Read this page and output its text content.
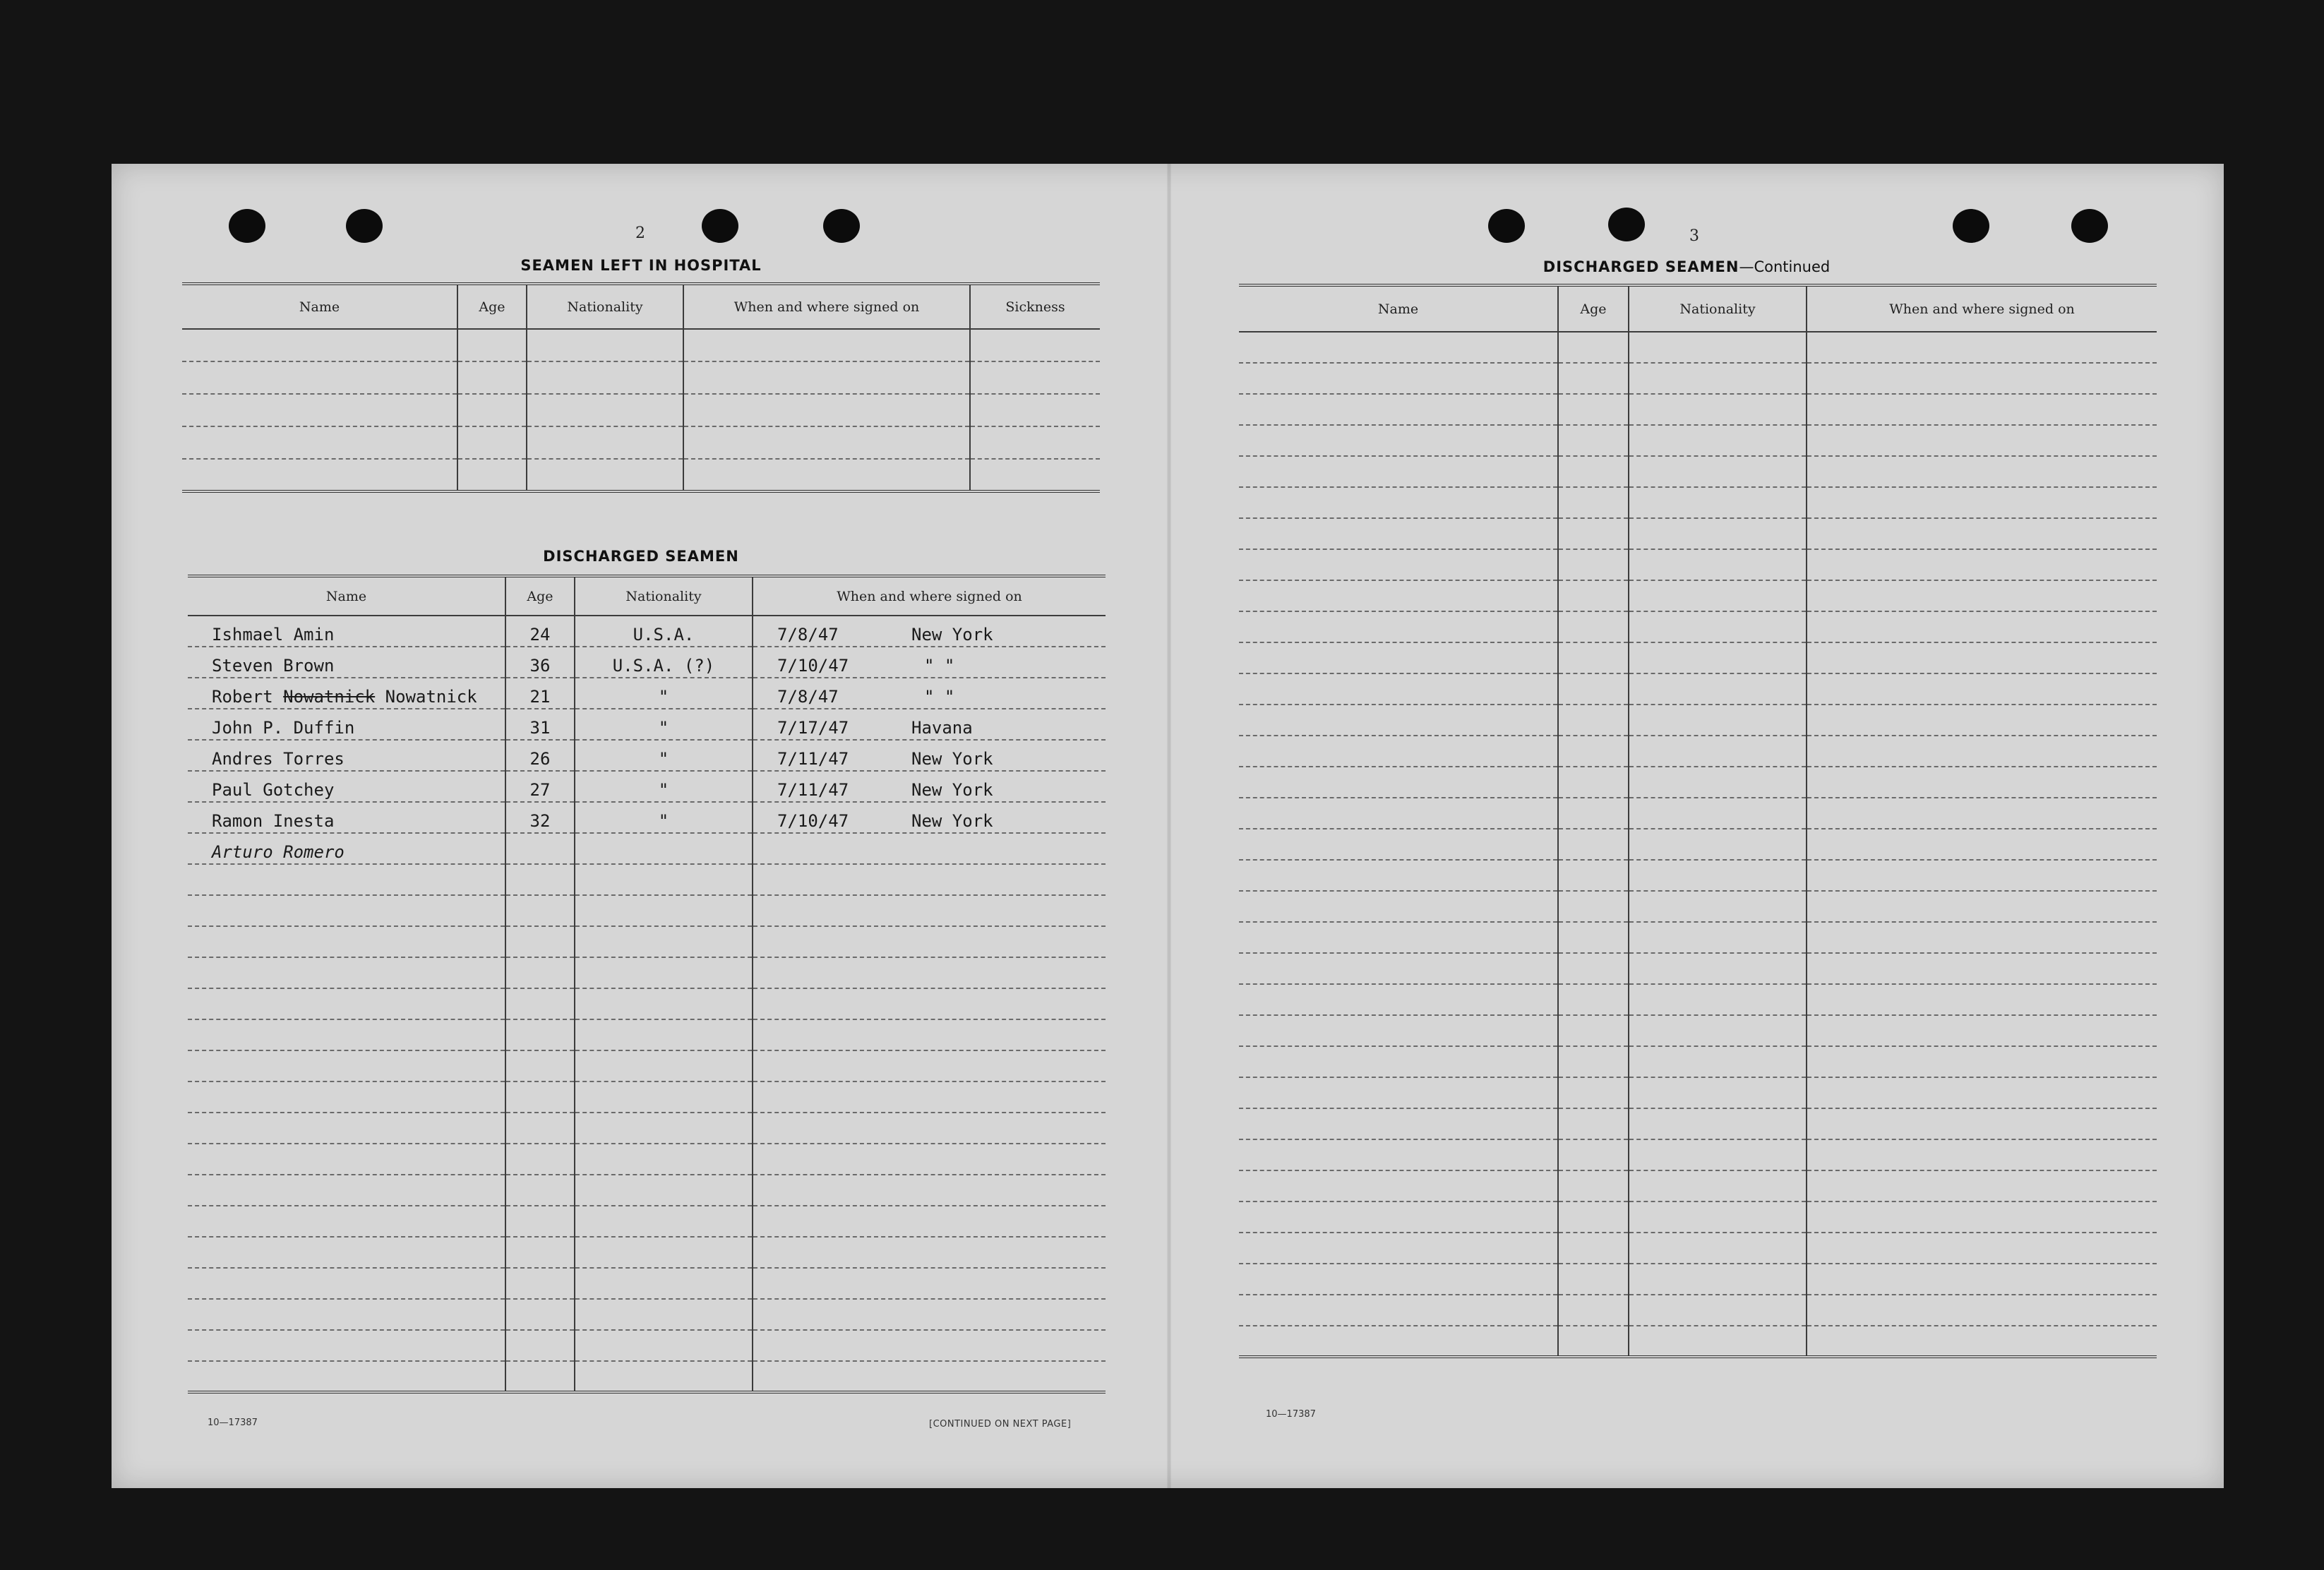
2
SEAMEN LEFT IN HOSPITAL
Name	Age	Nationality	When and where signed on	Sickness

DISCHARGED SEAMEN
Name	Age	Nationality	When and where signed on
Ishmael Amin	24	U.S.A.	7/8/47 New York
Steven Brown	36	U.S.A. (?)	7/10/47 " "
Robert Nowatnick Nowatnick	21	"	7/8/47 " "
John P. Duffin	31	"	7/17/47 Havana
Andres Torres	26	"	7/11/47 New York
Paul Gotchey	27	"	7/11/47 New York
Ramon Inesta	32	"	7/10/47 New York
Arturo Romero			

10—17387	[CONTINUED ON NEXT PAGE]
3
DISCHARGED SEAMEN—Continued
Name	Age	Nationality	When and where signed on

10—17387
